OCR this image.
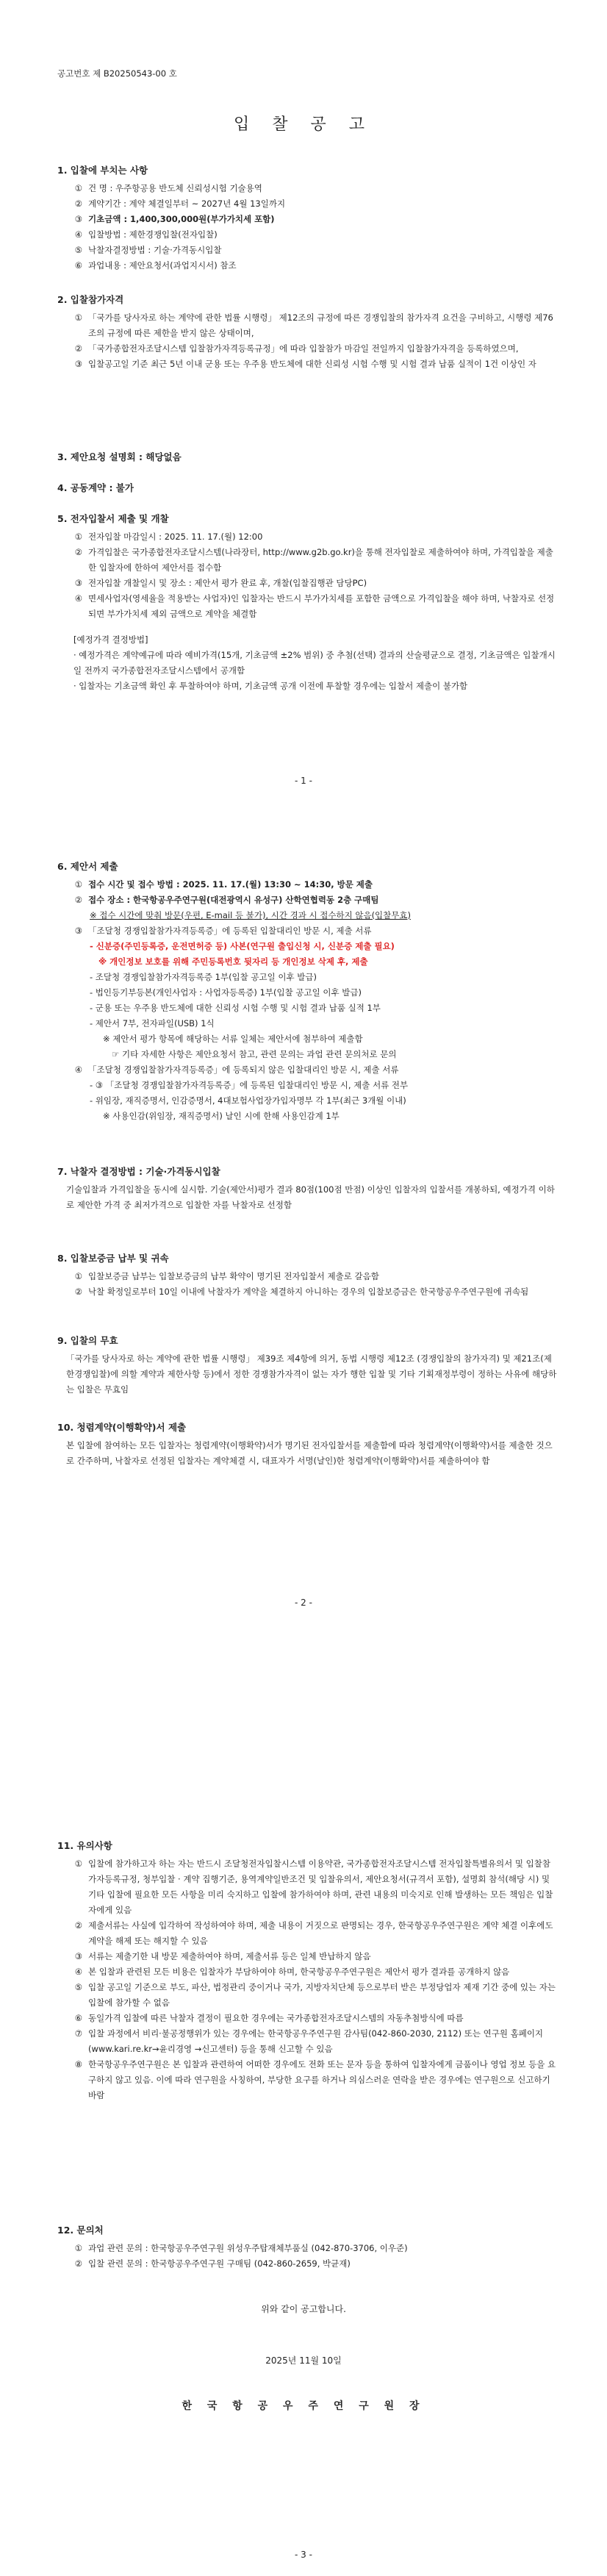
공고번호 제 B20250543-00 호
입 찰 공 고
1. 입찰에 부치는 사항
① 건 명 : 우주항공용 반도체 신뢰성시험 기술용역
② 계약기간 : 계약 체결일부터 ~ 2027년 4월 13일까지
③ 기초금액 : 1,400,300,000원(부가가치세 포함)
④ 입찰방법 : 제한경쟁입찰(전자입찰)
⑤ 낙찰자결정방법 : 기술·가격동시입찰
⑥ 과업내용 : 제안요청서(과업지시서) 참조
2. 입찰참가자격
① 「국가를 당사자로 하는 계약에 관한 법률 시행령」 제12조의 규정에 따른 경쟁입찰의 참가자격 요건을 구비하고, 시행령 제76조의 규정에 따른 제한을 받지 않은 상태이며,
② 「국가종합전자조달시스템 입찰참가자격등록규정」에 따라 입찰참가 마감일 전일까지 입찰참가자격을 등록하였으며,
③ 입찰공고일 기준 최근 5년 이내 군용 또는 우주용 반도체에 대한 신뢰성 시험 수행 및 시험 결과 납품 실적이 1건 이상인 자
3. 제안요청 설명회 : 해당없음
4. 공동계약 : 불가
5. 전자입찰서 제출 및 개찰
① 전자입찰 마감일시 : 2025. 11. 17.(월) 12:00
② 가격입찰은 국가종합전자조달시스템(나라장터, http://www.g2b.go.kr)을 통해 전자입찰로 제출하여야 하며, 가격입찰을 제출한 입찰자에 한하여 제안서를 접수함
③ 전자입찰 개찰일시 및 장소 : 제안서 평가 완료 후, 개찰(입찰집행관 담당PC)
④ 면세사업자(영세율을 적용받는 사업자)인 입찰자는 반드시 부가가치세를 포함한 금액으로 가격입찰을 해야 하며, 낙찰자로 선정되면 부가가치세 제외 금액으로 계약을 체결함
[예정가격 결정방법]
· 예정가격은 계약예규에 따라 예비가격(15개, 기초금액 ±2% 범위) 중 추첨(선택) 결과의 산술평균으로 결정, 기초금액은 입찰개시일 전까지 국가종합전자조달시스템에서 공개함
· 입찰자는 기초금액 확인 후 투찰하여야 하며, 기초금액 공개 이전에 투찰할 경우에는 입찰서 제출이 불가함
- 1 -
6. 제안서 제출
① 접수 시간 및 접수 방법 : 2025. 11. 17.(월) 13:30 ~ 14:30, 방문 제출
② 접수 장소 : 한국항공우주연구원(대전광역시 유성구) 산학연협력동 2층 구매팀
※ 접수 시간에 맞춰 방문(우편, E-mail 등 불가), 시간 경과 시 접수하지 않음(입찰무효)
③ 「조달청 경쟁입찰참가자격등록증」에 등록된 입찰대리인 방문 시, 제출 서류
- 신분증(주민등록증, 운전면허증 등) 사본(연구원 출입신청 시, 신분증 제출 필요)
※ 개인정보 보호를 위해 주민등록번호 뒷자리 등 개인정보 삭제 후, 제출
- 조달청 경쟁입찰참가자격등록증 1부(입찰 공고일 이후 발급)
- 법인등기부등본(개인사업자 : 사업자등록증) 1부(입찰 공고일 이후 발급)
- 군용 또는 우주용 반도체에 대한 신뢰성 시험 수행 및 시험 결과 납품 실적 1부
- 제안서 7부, 전자파일(USB) 1식
※ 제안서 평가 항목에 해당하는 서류 일체는 제안서에 첨부하여 제출함
☞ 기타 자세한 사항은 제안요청서 참고, 관련 문의는 과업 관련 문의처로 문의
④ 「조달청 경쟁입찰참가자격등록증」에 등록되지 않은 입찰대리인 방문 시, 제출 서류
- ③ 「조달청 경쟁입찰참가자격등록증」에 등록된 입찰대리인 방문 시, 제출 서류 전부
- 위임장, 재직증명서, 인감증명서, 4대보험사업장가입자명부 각 1부(최근 3개월 이내)
※ 사용인감(위임장, 재직증명서) 날인 시에 한해 사용인감계 1부
7. 낙찰자 결정방법 : 기술·가격동시입찰
기술입찰과 가격입찰을 동시에 실시함. 기술(제안서)평가 결과 80점(100점 만점) 이상인 입찰자의 입찰서를 개봉하되, 예정가격 이하로 제안한 가격 중 최저가격으로 입찰한 자를 낙찰자로 선정함
8. 입찰보증금 납부 및 귀속
① 입찰보증금 납부는 입찰보증금의 납부 확약이 명기된 전자입찰서 제출로 갈음함
② 낙찰 확정일로부터 10일 이내에 낙찰자가 계약을 체결하지 아니하는 경우의 입찰보증금은 한국항공우주연구원에 귀속됨
9. 입찰의 무효
「국가를 당사자로 하는 계약에 관한 법률 시행령」 제39조 제4항에 의거, 동법 시행령 제12조 (경쟁입찰의 참가자격) 및 제21조(제한경쟁입찰)에 의할 계약과 제한사항 등)에서 정한 경쟁참가자격이 없는 자가 행한 입찰 및 기타 기획재정부령이 정하는 사유에 해당하는 입찰은 무효임
10. 청렴계약(이행확약)서 제출
본 입찰에 참여하는 모든 입찰자는 청렴계약(이행확약)서가 명기된 전자입찰서를 제출함에 따라 청렴계약(이행확약)서를 제출한 것으로 간주하며, 낙찰자로 선정된 입찰자는 계약체결 시, 대표자가 서명(날인)한 청렴계약(이행확약)서를 제출하여야 함
- 2 -
11. 유의사항
① 입찰에 참가하고자 하는 자는 반드시 조달청전자입찰시스템 이용약관, 국가종합전자조달시스템 전자입찰특별유의서 및 입찰참가자등록규정, 청부입찰 · 계약 집행기준, 용역계약일반조건 및 입찰유의서, 제안요청서(규격서 포함), 설명회 참석(해당 시) 및 기타 입찰에 필요한 모든 사항을 미리 숙지하고 입찰에 참가하여야 하며, 관련 내용의 미숙지로 인해 발생하는 모든 책임은 입찰자에게 있음
② 제출서류는 사실에 입각하여 작성하여야 하며, 제출 내용이 거짓으로 판명되는 경우, 한국항공우주연구원은 계약 체결 이후에도 계약을 해제 또는 해지할 수 있음
③ 서류는 제출기한 내 방문 제출하여야 하며, 제출서류 등은 일체 반납하지 않음
④ 본 입찰과 관련된 모든 비용은 입찰자가 부담하여야 하며, 한국항공우주연구원은 제안서 평가 결과를 공개하지 않음
⑤ 입찰 공고일 기준으로 부도, 파산, 법정관리 중이거나 국가, 지방자치단체 등으로부터 받은 부정당업자 제재 기간 중에 있는 자는 입찰에 참가할 수 없음
⑥ 동일가격 입찰에 따른 낙찰자 결정이 필요한 경우에는 국가종합전자조달시스템의 자동추첨방식에 따름
⑦ 입찰 과정에서 비리·불공정행위가 있는 경우에는 한국항공우주연구원 감사팀(042-860-2030, 2112) 또는 연구원 홈페이지(www.kari.re.kr→윤리경영 →신고센터) 등을 통해 신고할 수 있음
⑧ 한국항공우주연구원은 본 입찰과 관련하여 어떠한 경우에도 전화 또는 문자 등을 통하여 입찰자에게 금품이나 영업 정보 등을 요구하지 않고 있음. 이에 따라 연구원을 사칭하여, 부당한 요구를 하거나 의심스러운 연락을 받은 경우에는 연구원으로 신고하기 바람
12. 문의처
① 과업 관련 문의 : 한국항공우주연구원 위성우주탑재체부품실 (042-870-3706, 이우준)
② 입찰 관련 문의 : 한국항공우주연구원 구매팀 (042-860-2659, 박균재)
위와 같이 공고합니다.
2025년 11월 10일
한 국 항 공 우 주 연 구 원 장
- 3 -
